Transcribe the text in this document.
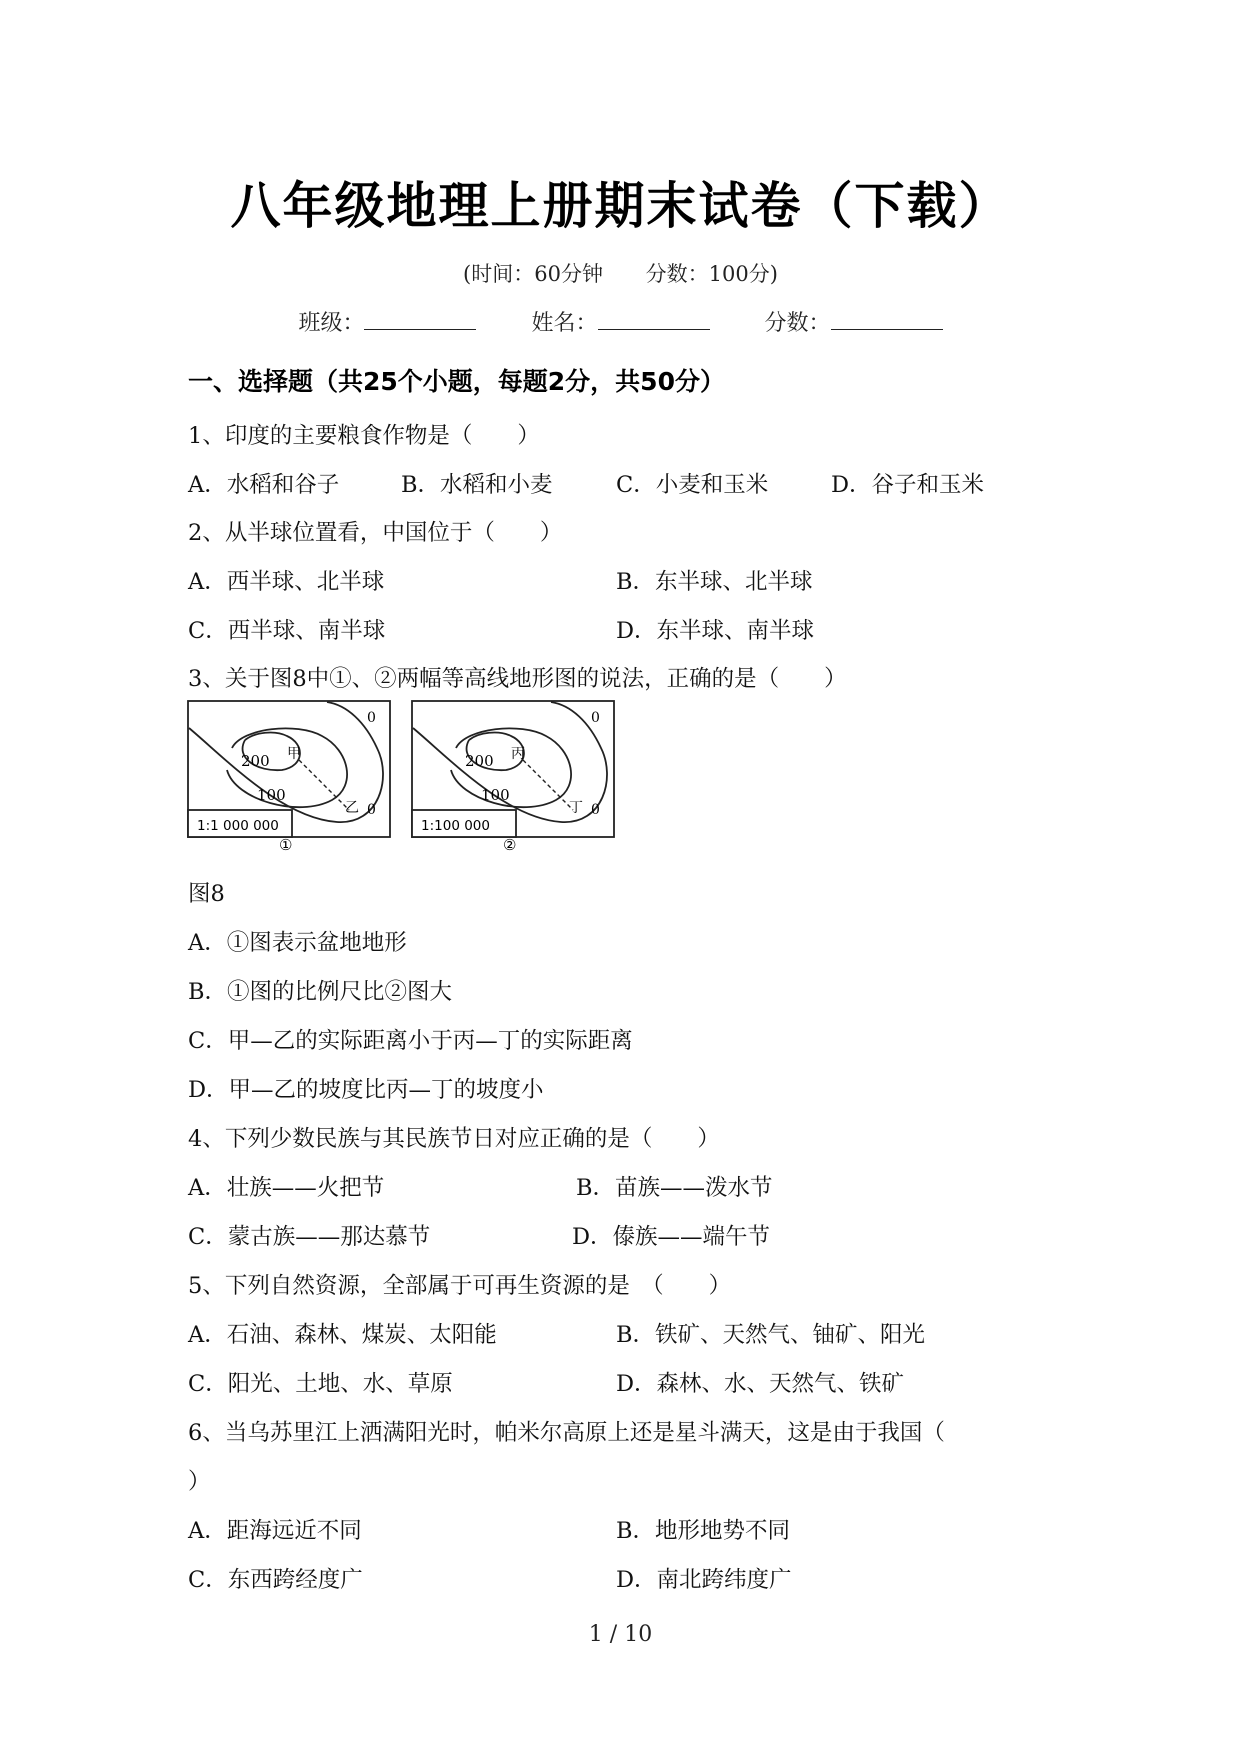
八年级地理上册期末试卷（下载）
(时间：60分钟 分数：100分)
班级：	姓名：	分数：
一、选择题（共25个小题，每题2分，共50分）
1、印度的主要粮食作物是（　　）
A．水稻和谷子	B．水稻和小麦	C．小麦和玉米	D．谷子和玉米
2、从半球位置看，中国位于（　　）
A．西半球、北半球	B．东半球、北半球
C．西半球、南半球	D．东半球、南半球
3、关于图8中①、②两幅等高线地形图的说法，正确的是（　　）
0
0
200
100
甲
乙
1:1 000 000
①
0
0
200
100
丙
丁
1:100 000
②
图8
A．①图表示盆地地形
B．①图的比例尺比②图大
C．甲—乙的实际距离小于丙—丁的实际距离
D．甲—乙的坡度比丙—丁的坡度小
4、下列少数民族与其民族节日对应正确的是（　　）
A．壮族——火把节	B．苗族——泼水节
C．蒙古族——那达慕节	D．傣族——端午节
5、下列自然资源，全部属于可再生资源的是　（　　）
A．石油、森林、煤炭、太阳能	B．铁矿、天然气、铀矿、阳光
C．阳光、土地、水、草原	D．森林、水、天然气、铁矿
6、当乌苏里江上洒满阳光时，帕米尔高原上还是星斗满天，这是由于我国（
）
A．距海远近不同	B．地形地势不同
C．东西跨经度广	D．南北跨纬度广
1 / 10
